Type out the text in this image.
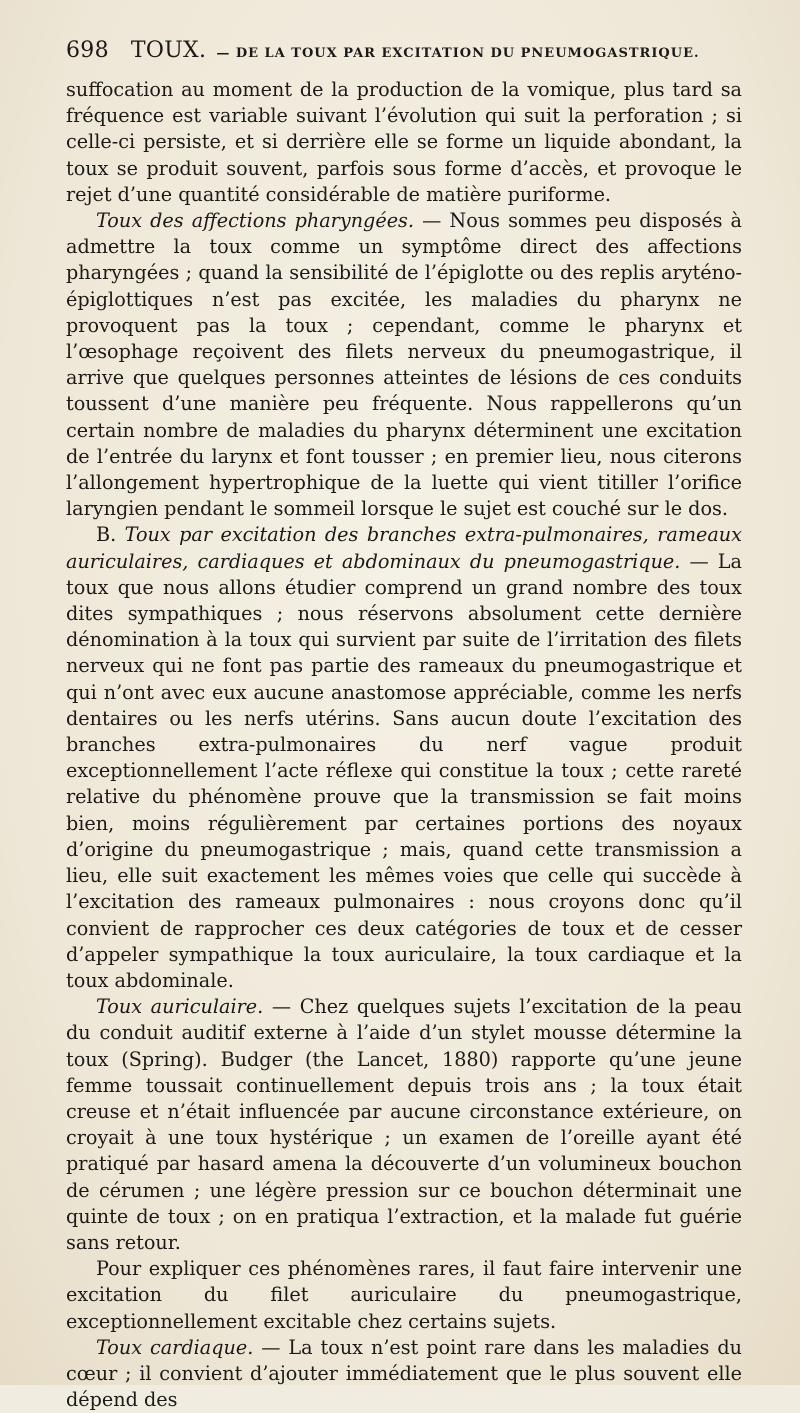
698 TOUX. — DE LA TOUX PAR EXCITATION DU PNEUMOGASTRIQUE.

suffocation au moment de la production de la vomique, plus tard sa fréquence est variable suivant l’évolution qui suit la perforation ; si celle-ci persiste, et si derrière elle se forme un liquide abondant, la toux se produit souvent, parfois sous forme d’accès, et provoque le rejet d’une quantité considérable de matière puriforme.

Toux des affections pharyngées. — Nous sommes peu disposés à admettre la toux comme un symptôme direct des affections pharyngées ; quand la sensibilité de l’épiglotte ou des replis aryténo-épiglottiques n’est pas excitée, les maladies du pharynx ne provoquent pas la toux ; cependant, comme le pharynx et l’œsophage reçoivent des filets nerveux du pneumogastrique, il arrive que quelques personnes atteintes de lésions de ces conduits toussent d’une manière peu fréquente. Nous rappellerons qu’un certain nombre de maladies du pharynx déterminent une excitation de l’entrée du larynx et font tousser ; en premier lieu, nous citerons l’allongement hypertrophique de la luette qui vient titiller l’orifice laryngien pendant le sommeil lorsque le sujet est couché sur le dos.

B. Toux par excitation des branches extra-pulmonaires, rameaux auriculaires, cardiaques et abdominaux du pneumogastrique. — La toux que nous allons étudier comprend un grand nombre des toux dites sympathiques ; nous réservons absolument cette dernière dénomination à la toux qui survient par suite de l’irritation des filets nerveux qui ne font pas partie des rameaux du pneumogastrique et qui n’ont avec eux aucune anastomose appréciable, comme les nerfs dentaires ou les nerfs utérins. Sans aucun doute l’excitation des branches extra-pulmonaires du nerf vague produit exceptionnellement l’acte réflexe qui constitue la toux ; cette rareté relative du phénomène prouve que la transmission se fait moins bien, moins régulièrement par certaines portions des noyaux d’origine du pneumogastrique ; mais, quand cette transmission a lieu, elle suit exactement les mêmes voies que celle qui succède à l’excitation des rameaux pulmonaires : nous croyons donc qu’il convient de rapprocher ces deux catégories de toux et de cesser d’appeler sympathique la toux auriculaire, la toux cardiaque et la toux abdominale.

Toux auriculaire. — Chez quelques sujets l’excitation de la peau du conduit auditif externe à l’aide d’un stylet mousse détermine la toux (Spring). Budger (the Lancet, 1880) rapporte qu’une jeune femme toussait continuellement depuis trois ans ; la toux était creuse et n’était influencée par aucune circonstance extérieure, on croyait à une toux hystérique ; un examen de l’oreille ayant été pratiqué par hasard amena la découverte d’un volumineux bouchon de cérumen ; une légère pression sur ce bouchon déterminait une quinte de toux ; on en pratiqua l’extraction, et la malade fut guérie sans retour.

Pour expliquer ces phénomènes rares, il faut faire intervenir une excitation du filet auriculaire du pneumogastrique, exceptionnellement excitable chez certains sujets.

Toux cardiaque. — La toux n’est point rare dans les maladies du cœur ; il convient d’ajouter immédiatement que le plus souvent elle dépend des
